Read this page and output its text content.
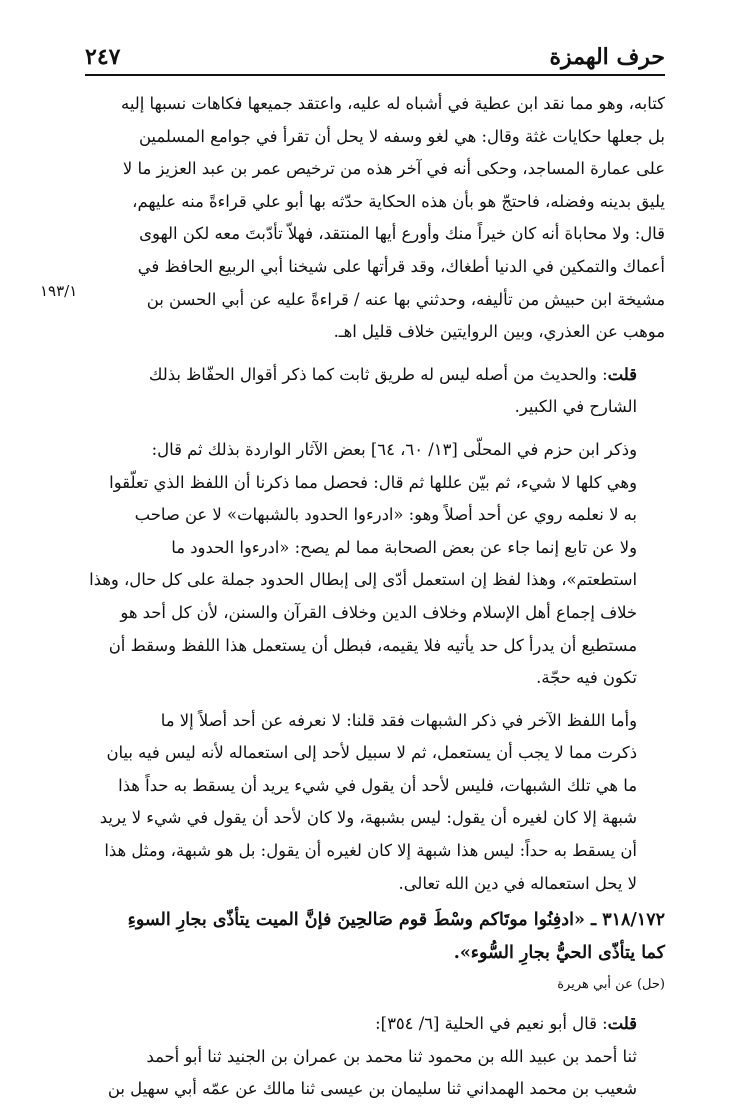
٢٤٧	حرف الهمزة
١٩٣/١

كتابه، وهو مما نقد ابن عطية في أشباه له عليه، واعتقد جميعها فكاهات نسبها إليه
بل جعلها حكايات غثة وقال: هي لغو وسفه لا يحل أن تقرأ في جوامع المسلمين
على عمارة المساجد، وحكى أنه في آخر هذه من ترخيص عمر بن عبد العزيز ما لا
يليق بدينه وفضله، فاحتجّ هو بأن هذه الحكاية حدّثه بها أبو علي قراءةً منه عليهم،
قال: ولا محاباة أنه كان خيراً منك وأورع أيها المنتقد، فهلاّ تأدّبتَ معه لكن الهوى
أعماك والتمكين في الدنيا أطغاك، وقد قرأتها على شيخنا أبي الربيع الحافظ في
مشيخة ابن حبيش من تأليفه، وحدثني بها عنه / قراءةً عليه عن أبي الحسن بن
موهب عن العذري، وبين الروايتين خلاف قليل اهـ.

قلت: والحديث من أصله ليس له طريق ثابت كما ذكر أقوال الحفّاظ بذلك
الشارح في الكبير.

وذكر ابن حزم في المحلّى [١٣/ ٦٠، ٦٤] بعض الآثار الواردة بذلك ثم قال:
وهي كلها لا شيء، ثم بيّن عللها ثم قال: فحصل مما ذكرنا أن اللفظ الذي تعلّقوا
به لا نعلمه روي عن أحد أصلاً وهو: «ادرءوا الحدود بالشبهات» لا عن صاحب
ولا عن تابع إنما جاء عن بعض الصحابة مما لم يصح: «ادرءوا الحدود ما
استطعتم»، وهذا لفظ إن استعمل أدّى إلى إبطال الحدود جملة على كل حال، وهذا
خلاف إجماع أهل الإسلام وخلاف الدين وخلاف القرآن والسنن، لأن كل أحد هو
مستطيع أن يدرأ كل حد يأتيه فلا يقيمه، فبطل أن يستعمل هذا اللفظ وسقط أن
تكون فيه حجّة.

وأما اللفظ الآخر في ذكر الشبهات فقد قلنا: لا نعرفه عن أحد أصلاً إلا ما
ذكرت مما لا يجب أن يستعمل، ثم لا سبيل لأحد إلى استعماله لأنه ليس فيه بيان
ما هي تلك الشبهات، فليس لأحد أن يقول في شيء يريد أن يسقط به حداً هذا
شبهة إلا كان لغيره أن يقول: ليس بشبهة، ولا كان لأحد أن يقول في شيء لا يريد
أن يسقط به حداً: ليس هذا شبهة إلا كان لغيره أن يقول: بل هو شبهة، ومثل هذا
لا يحل استعماله في دين الله تعالى.

٣١٨/١٧٢ ـ «ادفِنُوا موتَاكم وسْطَ قوم صَالحِينَ فإنَّ الميت يتأذّى بجارِ السوءِ
كما يتأذّى الحيُّ بجارِ السُّوء».

(حل) عن أبي هريرة

قلت: قال أبو نعيم في الحلية [٦/ ٣٥٤]:
ثنا أحمد بن عبيد الله بن محمود ثنا محمد بن عمران بن الجنيد ثنا أبو أحمد
شعيب بن محمد الهمداني ثنا سليمان بن عيسى ثنا مالك عن عمّه أبي سهيل بن
